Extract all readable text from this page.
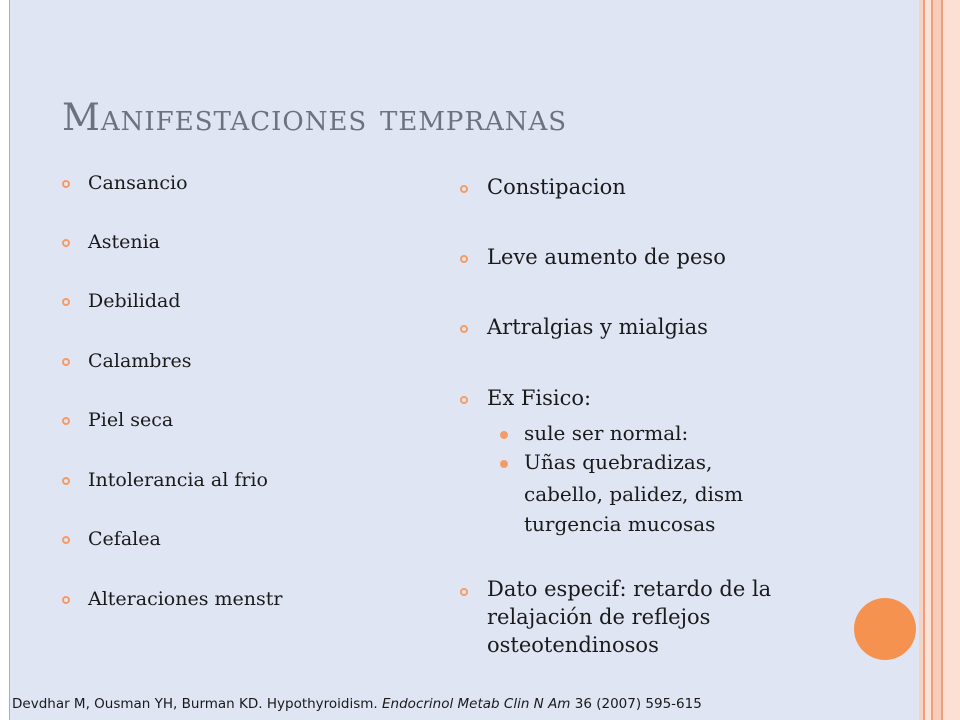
Manifestaciones tempranas
Cansancio
Astenia
Debilidad
Calambres
Piel seca
Intolerancia al frio
Cefalea
Alteraciones menstr
Constipacion
Leve aumento de peso
Artralgias y mialgias
Ex Fisico:
sule ser normal:
Uñas quebradizas,
cabello, palidez, dism
turgencia mucosas
Dato especif: retardo de la
relajación de reflejos
osteotendinosos
Devdhar M, Ousman YH, Burman KD. Hypothyroidism. Endocrinol Metab Clin N Am 36 (2007) 595-615
